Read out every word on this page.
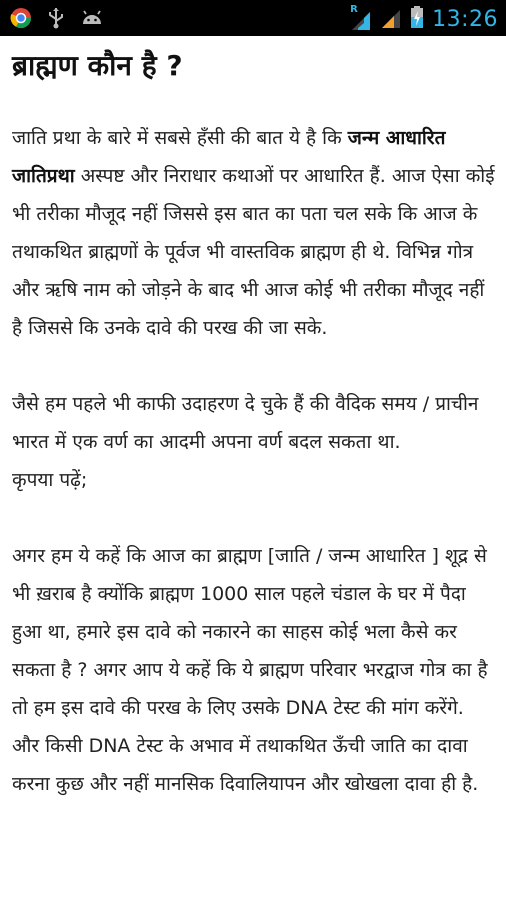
R	13:26
ब्राह्मण कौन है ?

जाति प्रथा के बारे में सबसे हँसी की बात ये है कि जन्म आधारित जातिप्रथा अस्पष्ट और निराधार कथाओं पर आधारित हैं. आज ऐसा कोई भी तरीका मौजूद नहीं जिससे इस बात का पता चल सके कि आज के तथाकथित ब्राह्मणों के पूर्वज भी वास्तविक ब्राह्मण ही थे. विभिन्न गोत्र और ऋषि नाम को जोड़ने के बाद भी आज कोई भी तरीका मौजूद नहीं है जिससे कि उनके दावे की परख की जा सके.

जैसे हम पहले भी काफी उदाहरण दे चुके हैं की वैदिक समय / प्राचीन भारत में एक वर्ण का आदमी अपना वर्ण बदल सकता था.

कृपया पढ़ें;

अगर हम ये कहें कि आज का ब्राह्मण [जाति / जन्म आधारित ] शूद्र से भी ख़राब है क्योंकि ब्राह्मण 1000 साल पहले चंडाल के घर में पैदा हुआ था, हमारे इस दावे को नकारने का साहस कोई भला कैसे कर सकता है ? अगर आप ये कहें कि ये ब्राह्मण परिवार भरद्वाज गोत्र का है तो हम इस दावे की परख के लिए उसके DNA टेस्ट की मांग करेंगे. और किसी DNA टेस्ट के अभाव में तथाकथित ऊँची जाति का दावा करना कुछ और नहीं मानसिक दिवालियापन और खोखला दावा ही है.
